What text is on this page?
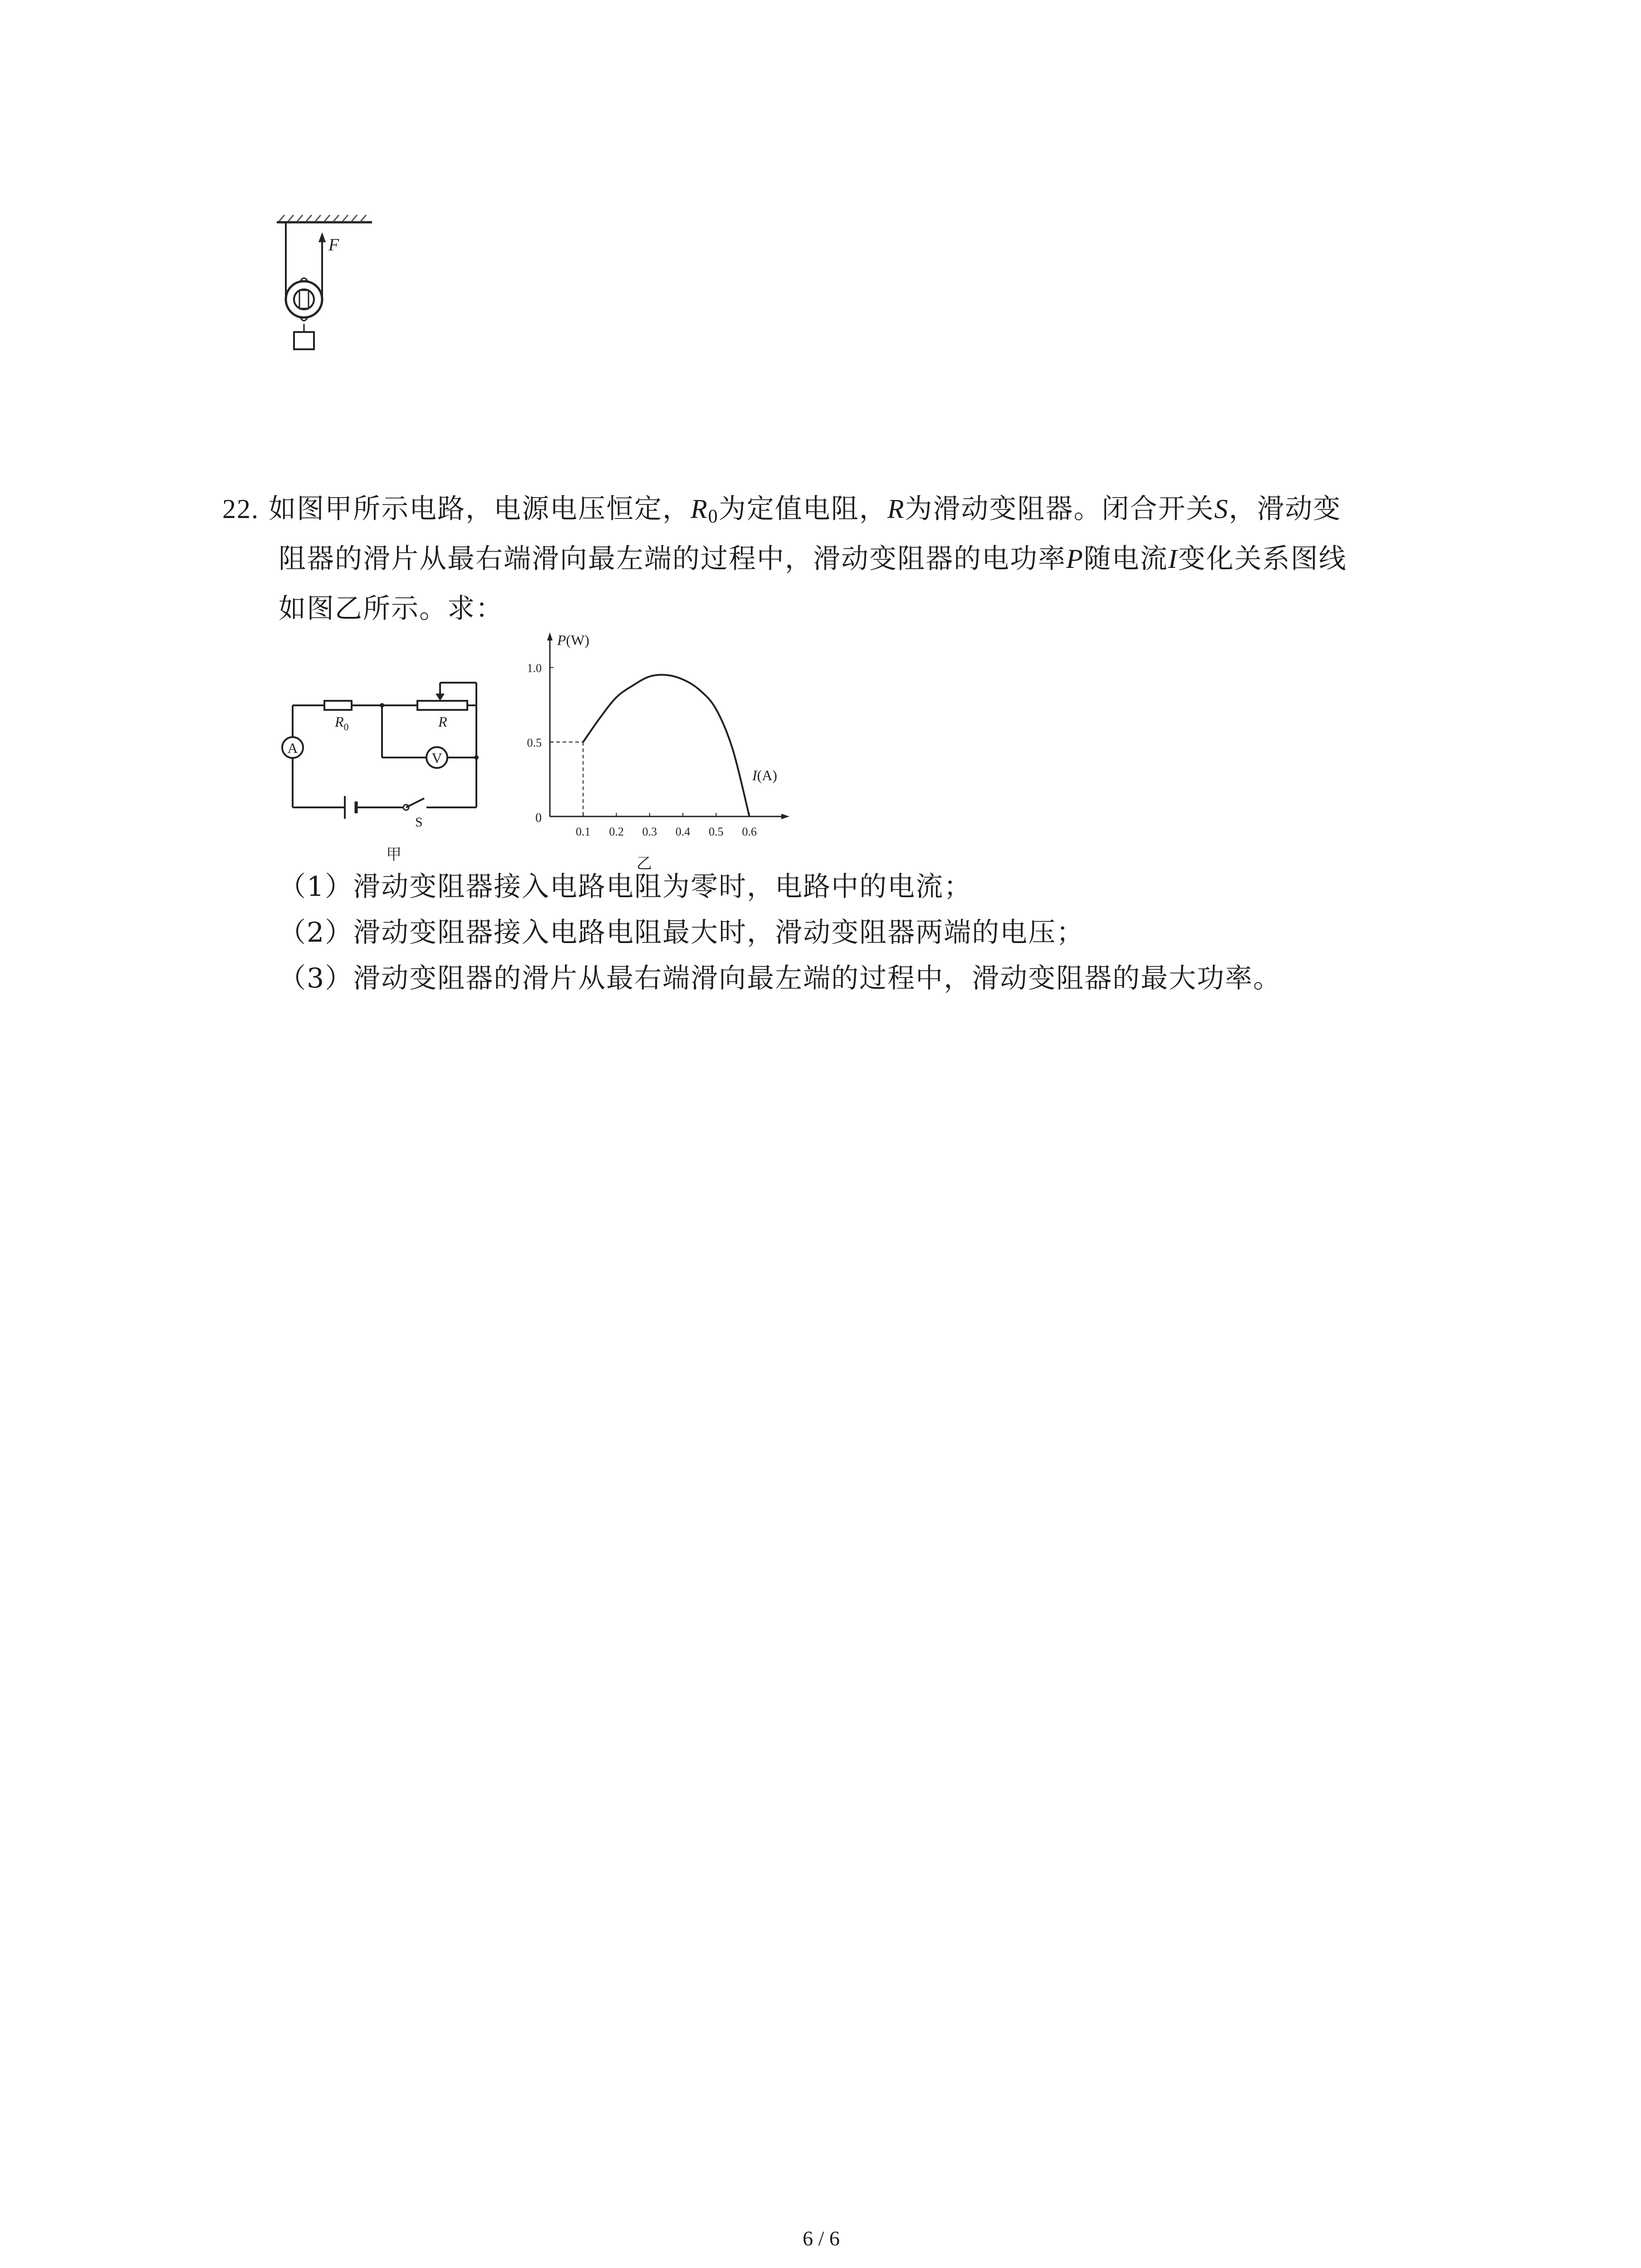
F
22. 如图甲所示电路，电源电压恒定，$R_0$为定值电阻，R为滑动变阻器。闭合开关S，滑动变
阻器的滑片从最右端滑向最左端的过程中，滑动变阻器的电功率P随电流I变化关系图线
如图乙所示。求：
A
V
$R_0$	R
S
甲
P(W)
I(A)
0
乙
0.1 0.2 0.3 0.4 0.5 0.6
0.5
1.0
（1）滑动变阻器接入电路电阻为零时，电路中的电流；
（2）滑动变阻器接入电路电阻最大时，滑动变阻器两端的电压；
（3）滑动变阻器的滑片从最右端滑向最左端的过程中，滑动变阻器的最大功率。
6 / 6
